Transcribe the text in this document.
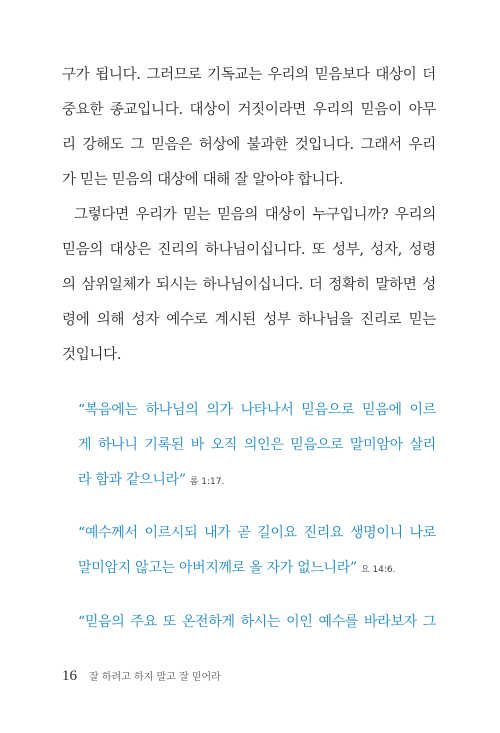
구가 됩니다. 그러므로 기독교는 우리의 믿음보다 대상이 더
중요한 종교입니다. 대상이 거짓이라면 우리의 믿음이 아무
리 강해도 그 믿음은 허상에 불과한 것입니다. 그래서 우리
가 믿는 믿음의 대상에 대해 잘 알아야 합니다.
그렇다면 우리가 믿는 믿음의 대상이 누구입니까? 우리의
믿음의 대상은 진리의 하나님이십니다. 또 성부, 성자, 성령
의 삼위일체가 되시는 하나님이십니다. 더 정확히 말하면 성
령에 의해 성자 예수로 계시된 성부 하나님을 진리로 믿는
것입니다.
“복음에는 하나님의 의가 나타나서 믿음으로 믿음에 이르
게 하나니 기록된 바 오직 의인은 믿음으로 말미암아 살리
라 함과 같으니라” 롬 1:17.
“예수께서 이르시되 내가 곧 길이요 진리요 생명이니 나로
말미암지 않고는 아버지께로 올 자가 없느니라” 요 14:6.
“믿음의 주요 또 온전하게 하시는 이인 예수를 바라보자 그
16 잘 하려고 하지 말고 잘 믿어라
